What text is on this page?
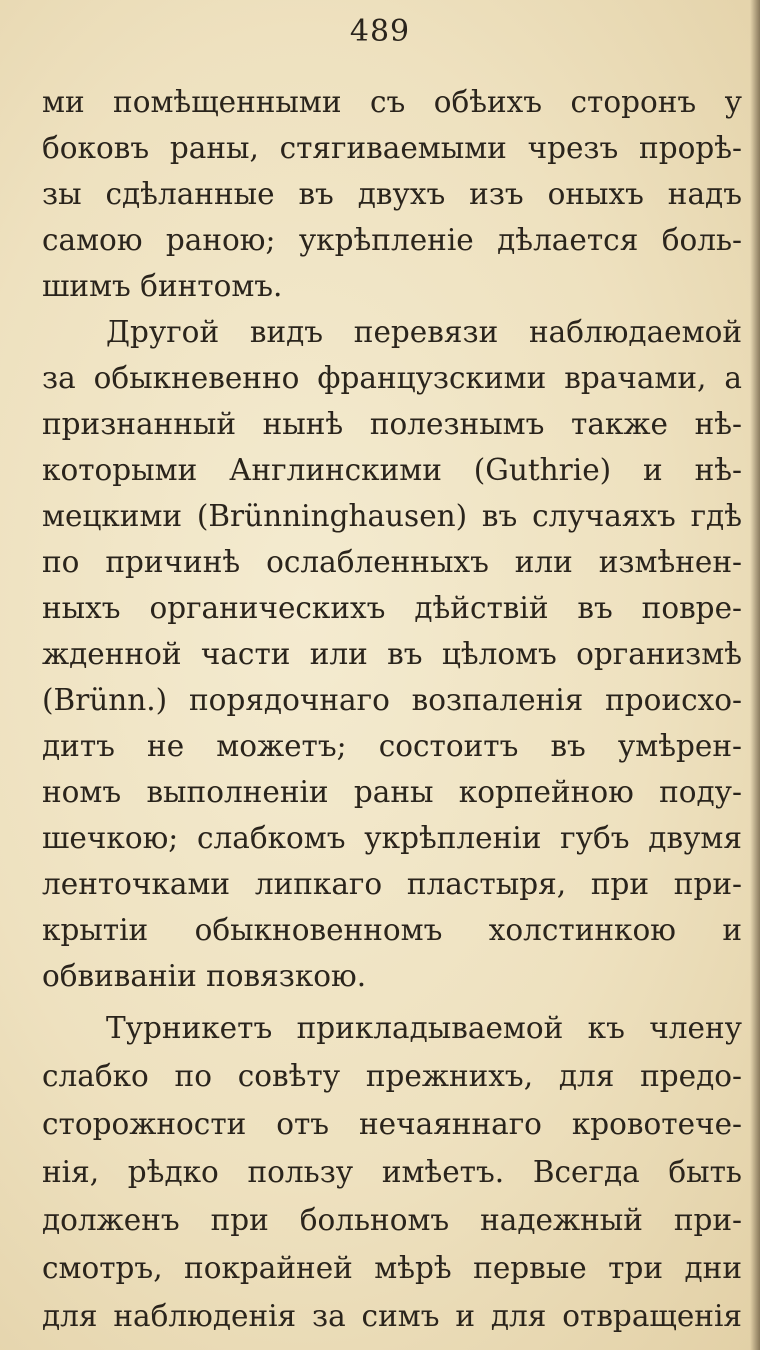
489
ми помѣщенными съ обѣихъ сторонъ у
боковъ раны, стягиваемыми чрезъ прорѣ-
зы сдѣланные въ двухъ изъ оныхъ надъ
самою раною; укрѣпленіе дѣлается боль-
шимъ бинтомъ.
Другой видъ перевязи наблюдаемой
за обыкневенно французскими врачами, а
признанный нынѣ полезнымъ также нѣ-
которыми Англинскими (Guthrie) и нѣ-
мецкими (Brünninghausen) въ случаяхъ гдѣ
по причинѣ ослабленныхъ или измѣнен-
ныхъ органическихъ дѣйствій въ повре-
жденной части или въ цѣломъ организмѣ
(Brünn.) порядочнаго возпаленія происхо-
дитъ не можетъ; состоитъ въ умѣрен-
номъ выполненіи раны корпейною поду-
шечкою; слабкомъ укрѣпленіи губъ двумя
ленточками липкаго пластыря, при при-
крытіи обыкновенномъ холстинкою и
обвиваніи повязкою.
Турникетъ прикладываемой къ члену
слабко по совѣту прежнихъ, для предо-
сторожности отъ нечаяннаго кровотече-
нія, рѣдко пользу имѣетъ. Всегда быть
долженъ при больномъ надежный при-
смотръ, покрайней мѣрѣ первые три дни
для наблюденія за симъ и для отвращенія
